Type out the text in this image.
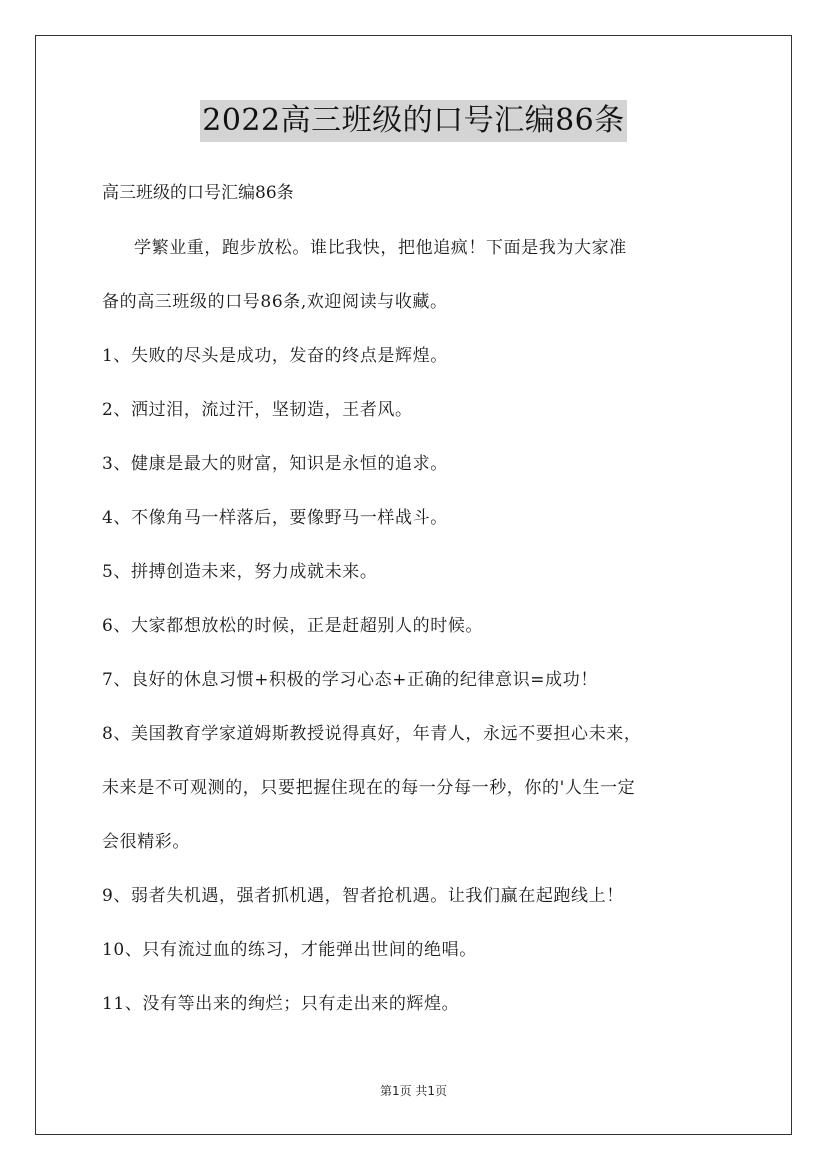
2022高三班级的口号汇编86条
高三班级的口号汇编86条
学繁业重，跑步放松。谁比我快，把他追疯！下面是我为大家准
备的高三班级的口号86条,欢迎阅读与收藏。
1、失败的尽头是成功，发奋的终点是辉煌。
2、洒过泪，流过汗，坚韧造，王者风。
3、健康是最大的财富，知识是永恒的追求。
4、不像角马一样落后，要像野马一样战斗。
5、拼搏创造未来，努力成就未来。
6、大家都想放松的时候，正是赶超别人的时候。
7、良好的休息习惯+积极的学习心态+正确的纪律意识=成功！
8、美国教育学家道姆斯教授说得真好，年青人，永远不要担心未来，
未来是不可观测的，只要把握住现在的每一分每一秒，你的'人生一定
会很精彩。
9、弱者失机遇，强者抓机遇，智者抢机遇。让我们赢在起跑线上！
10、只有流过血的练习，才能弹出世间的绝唱。
11、没有等出来的绚烂；只有走出来的辉煌。
第1页 共1页
